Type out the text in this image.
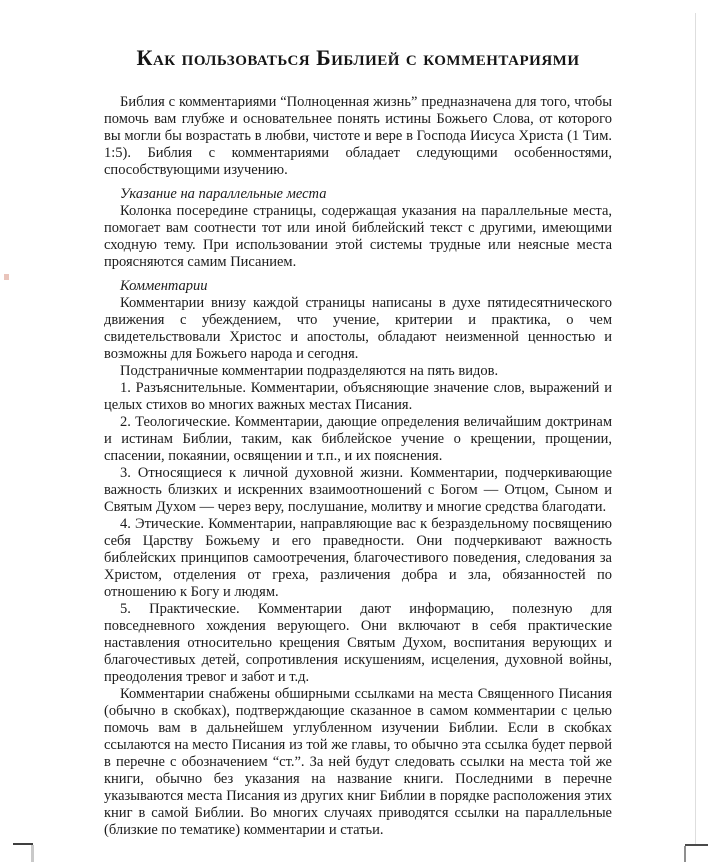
Как пользоваться Библией с комментариями

Библия с комментариями “Полноценная жизнь” предназначена для того, чтобы помочь вам глубже и основательнее понять истины Божьего Слова, от которого вы могли бы возрастать в любви, чистоте и вере в Господа Иисуса Христа (1 Тим. 1:5). Библия с комментариями обладает следующими особенностями, способствующими изучению.

Указание на параллельные места

Колонка посередине страницы, содержащая указания на параллельные места, помогает вам соотнести тот или иной библейский текст с другими, имеющими сходную тему. При использовании этой системы трудные или неясные места проясняются самим Писанием.

Комментарии

Комментарии внизу каждой страницы написаны в духе пятидесятнического движения с убеждением, что учение, критерии и практика, о чем свидетельствовали Христос и апостолы, обладают неизменной ценностью и возможны для Божьего народа и сегодня.

Подстраничные комментарии подразделяются на пять видов.

1. Разъяснительные. Комментарии, объясняющие значение слов, выражений и целых стихов во многих важных местах Писания.

2. Теологические. Комментарии, дающие определения величайшим доктринам и истинам Библии, таким, как библейское учение о крещении, прощении, спасении, покаянии, освящении и т.п., и их пояснения.

3. Относящиеся к личной духовной жизни. Комментарии, подчеркивающие важность близких и искренних взаимоотношений с Богом — Отцом, Сыном и Святым Духом — через веру, послушание, молитву и многие средства благодати.

4. Этические. Комментарии, направляющие вас к безраздельному посвящению себя Царству Божьему и его праведности. Они подчеркивают важность библейских принципов самоотречения, благочестивого поведения, следования за Христом, отделения от греха, различения добра и зла, обязанностей по отношению к Богу и людям.

5. Практические. Комментарии дают информацию, полезную для повседневного хождения верующего. Они включают в себя практические наставления относительно крещения Святым Духом, воспитания верующих и благочестивых детей, сопротивления искушениям, исцеления, духовной войны, преодоления тревог и забот и т.д.

Комментарии снабжены обширными ссылками на места Священного Писания (обычно в скобках), подтверждающие сказанное в самом комментарии с целью помочь вам в дальнейшем углубленном изучении Библии. Если в скобках ссылаются на место Писания из той же главы, то обычно эта ссылка будет первой в перечне с обозначением “ст.”. За ней будут следовать ссылки на места той же книги, обычно без указания на название книги. Последними в перечне указываются места Писания из других книг Библии в порядке расположения этих книг в самой Библии. Во многих случаях приводятся ссылки на параллельные (близкие по тематике) комментарии и статьи.
